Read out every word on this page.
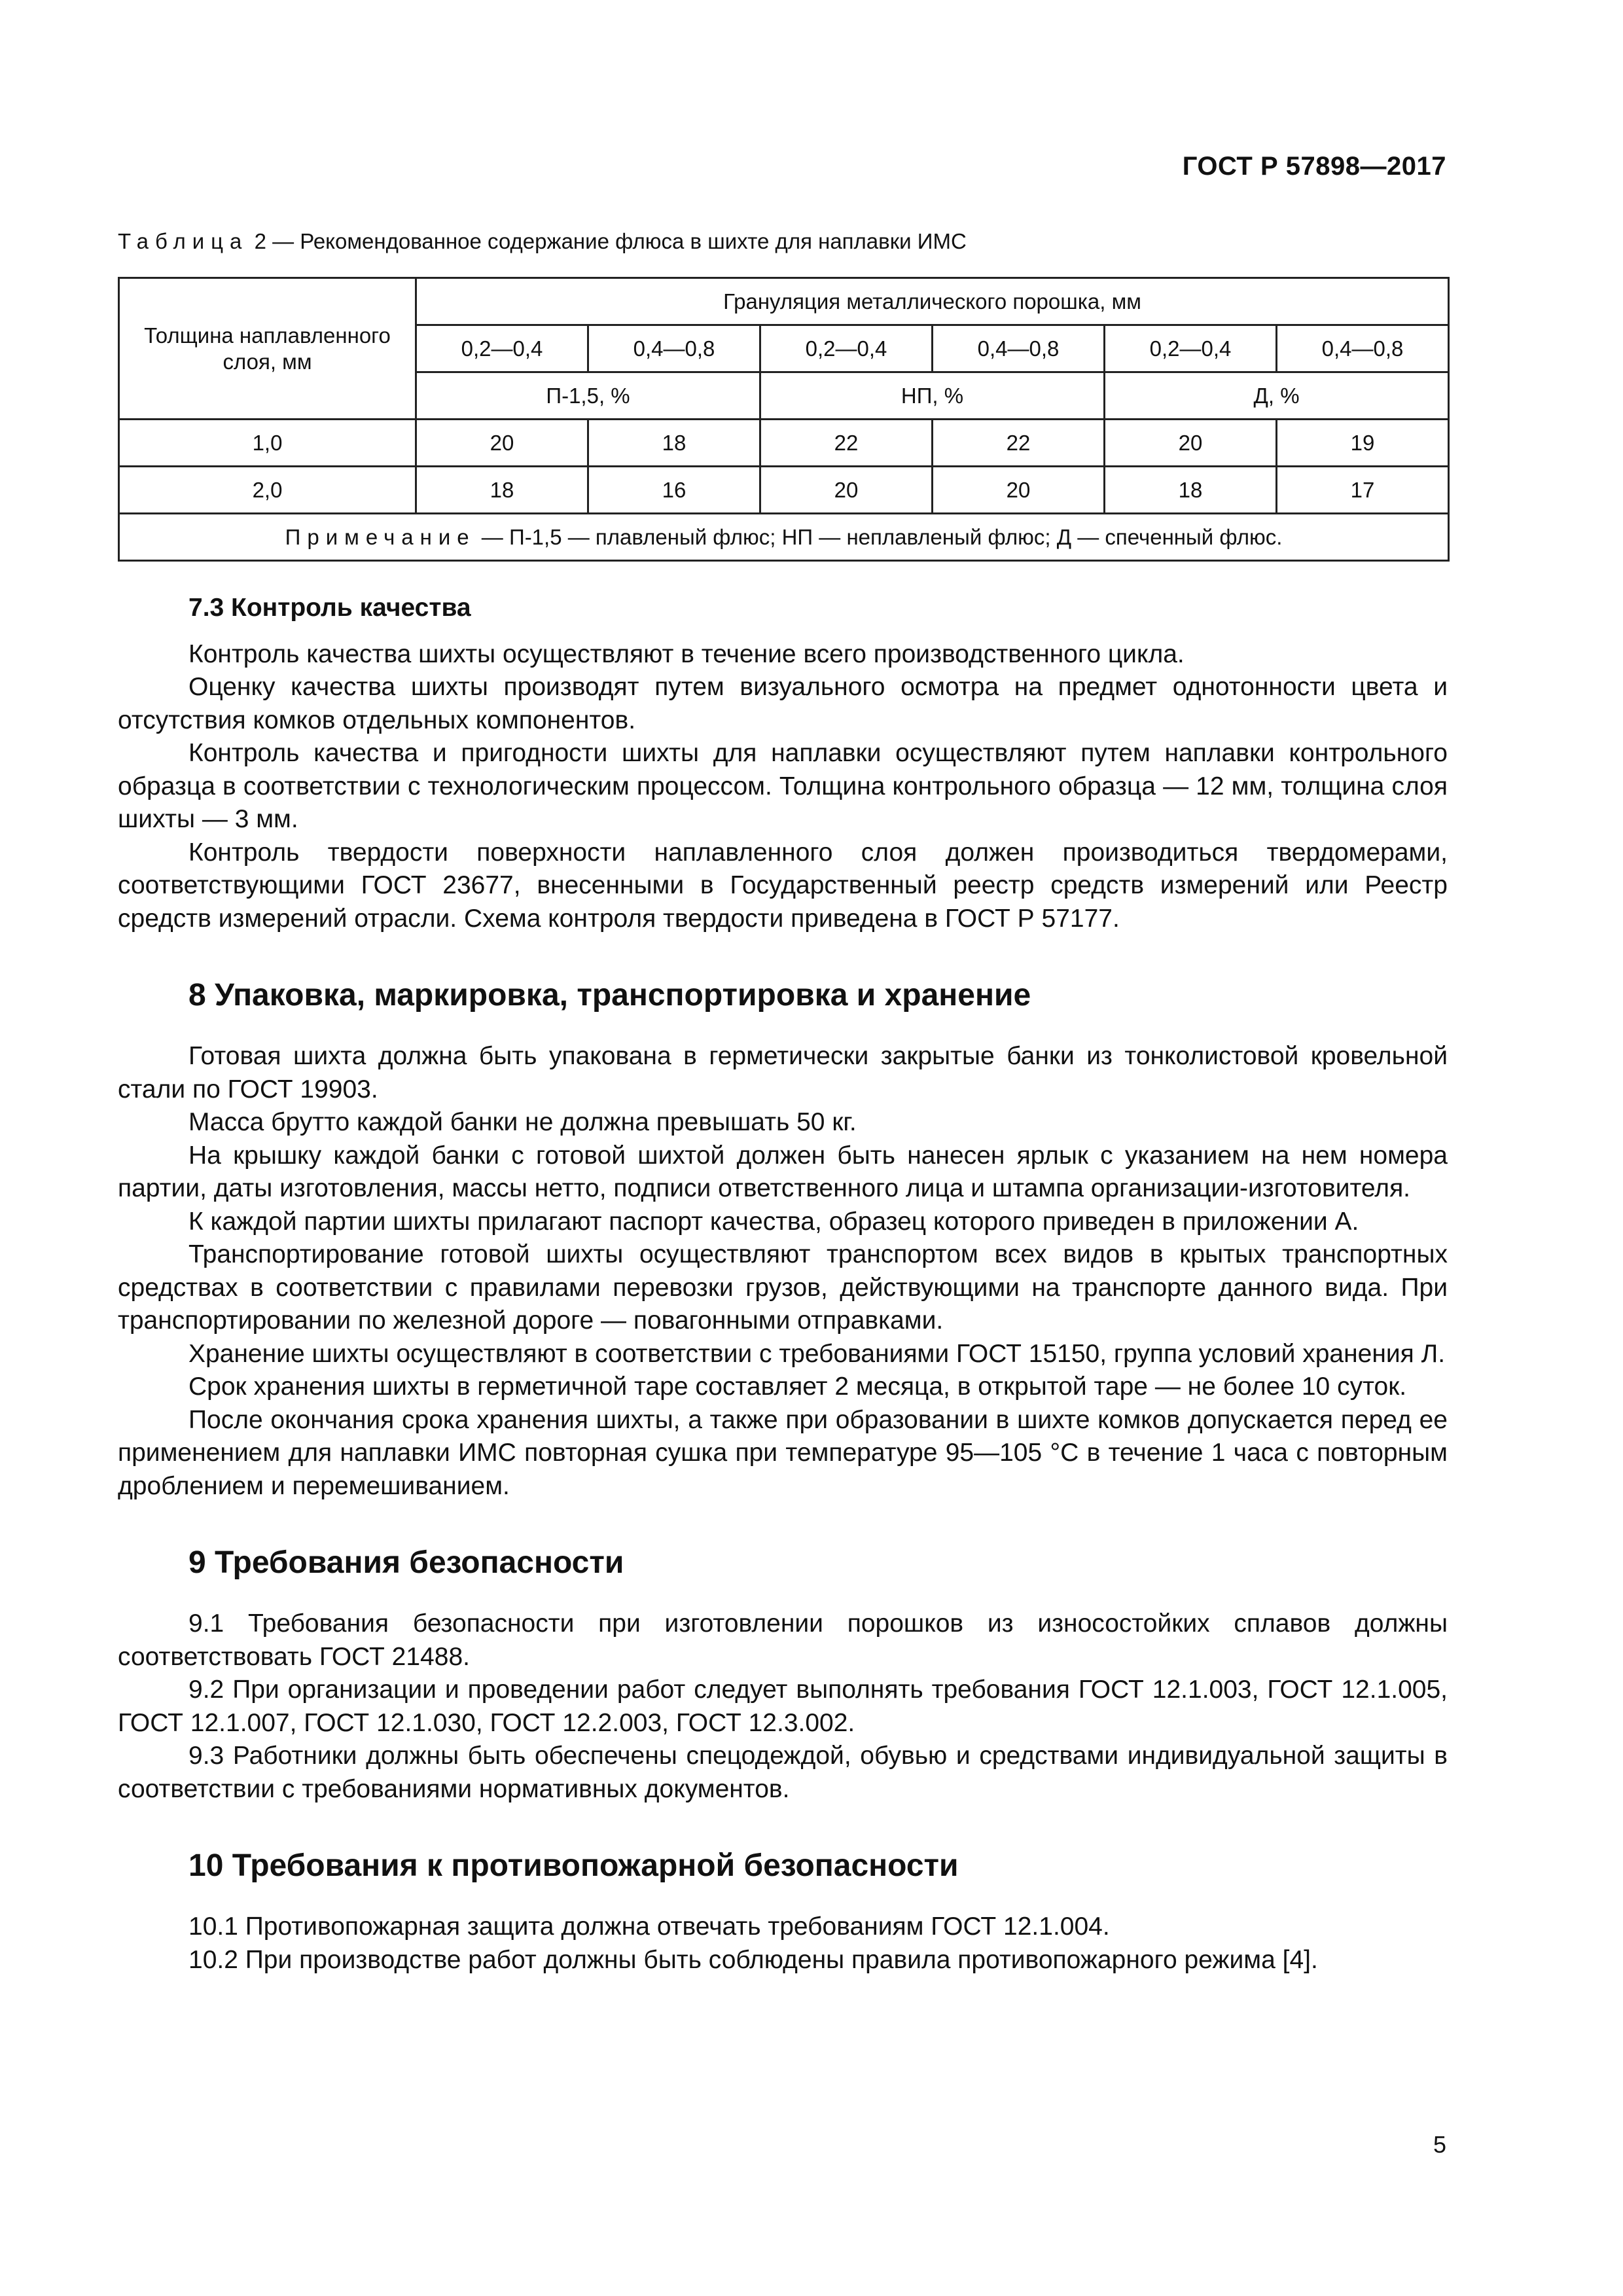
ГОСТ Р 57898—2017
Таблица 2 — Рекомендованное содержание флюса в шихте для наплавки ИМС
Толщина наплавленного слоя, мм	Грануляция металлического порошка, мм					
	0,2—0,4	0,4—0,8	0,2—0,4	0,4—0,8	0,2—0,4	0,4—0,8
	П-1,5, %		НП, %		Д, %	
1,0	20	18	22	22	20	19
2,0	18	16	20	20	18	17
Примечание — П-1,5 — плавленый флюс; НП — неплавленый флюс; Д — спеченный флюс.						

7.3 Контроль качества

Контроль качества шихты осуществляют в течение всего производственного цикла.

Оценку качества шихты производят путем визуального осмотра на предмет однотонности цвета и отсутствия комков отдельных компонентов.

Контроль качества и пригодности шихты для наплавки осуществляют путем наплавки контрольного образца в соответствии с технологическим процессом. Толщина контрольного образца — 12 мм, толщина слоя шихты — 3 мм.

Контроль твердости поверхности наплавленного слоя должен производиться твердомерами, соответствующими ГОСТ 23677, внесенными в Государственный реестр средств измерений или Реестр средств измерений отрасли. Схема контроля твердости приведена в ГОСТ Р 57177.

8 Упаковка, маркировка, транспортировка и хранение

Готовая шихта должна быть упакована в герметически закрытые банки из тонколистовой кровельной стали по ГОСТ 19903.

Масса брутто каждой банки не должна превышать 50 кг.

На крышку каждой банки с готовой шихтой должен быть нанесен ярлык с указанием на нем номера партии, даты изготовления, массы нетто, подписи ответственного лица и штампа организации-изготовителя.

К каждой партии шихты прилагают паспорт качества, образец которого приведен в приложении А.

Транспортирование готовой шихты осуществляют транспортом всех видов в крытых транспортных средствах в соответствии с правилами перевозки грузов, действующими на транспорте данного вида. При транспортировании по железной дороге — повагонными отправками.

Хранение шихты осуществляют в соответствии с требованиями ГОСТ 15150, группа условий хранения Л.

Срок хранения шихты в герметичной таре составляет 2 месяца, в открытой таре — не более 10 суток.

После окончания срока хранения шихты, а также при образовании в шихте комков допускается перед ее применением для наплавки ИМС повторная сушка при температуре 95—105 °С в течение 1 часа с повторным дроблением и перемешиванием.

9 Требования безопасности

9.1 Требования безопасности при изготовлении порошков из износостойких сплавов должны соответствовать ГОСТ 21488.

9.2 При организации и проведении работ следует выполнять требования ГОСТ 12.1.003, ГОСТ 12.1.005, ГОСТ 12.1.007, ГОСТ 12.1.030, ГОСТ 12.2.003, ГОСТ 12.3.002.

9.3 Работники должны быть обеспечены спецодеждой, обувью и средствами индивидуальной защиты в соответствии с требованиями нормативных документов.

10 Требования к противопожарной безопасности

10.1 Противопожарная защита должна отвечать требованиям ГОСТ 12.1.004.

10.2 При производстве работ должны быть соблюдены правила противопожарного режима [4].

5
